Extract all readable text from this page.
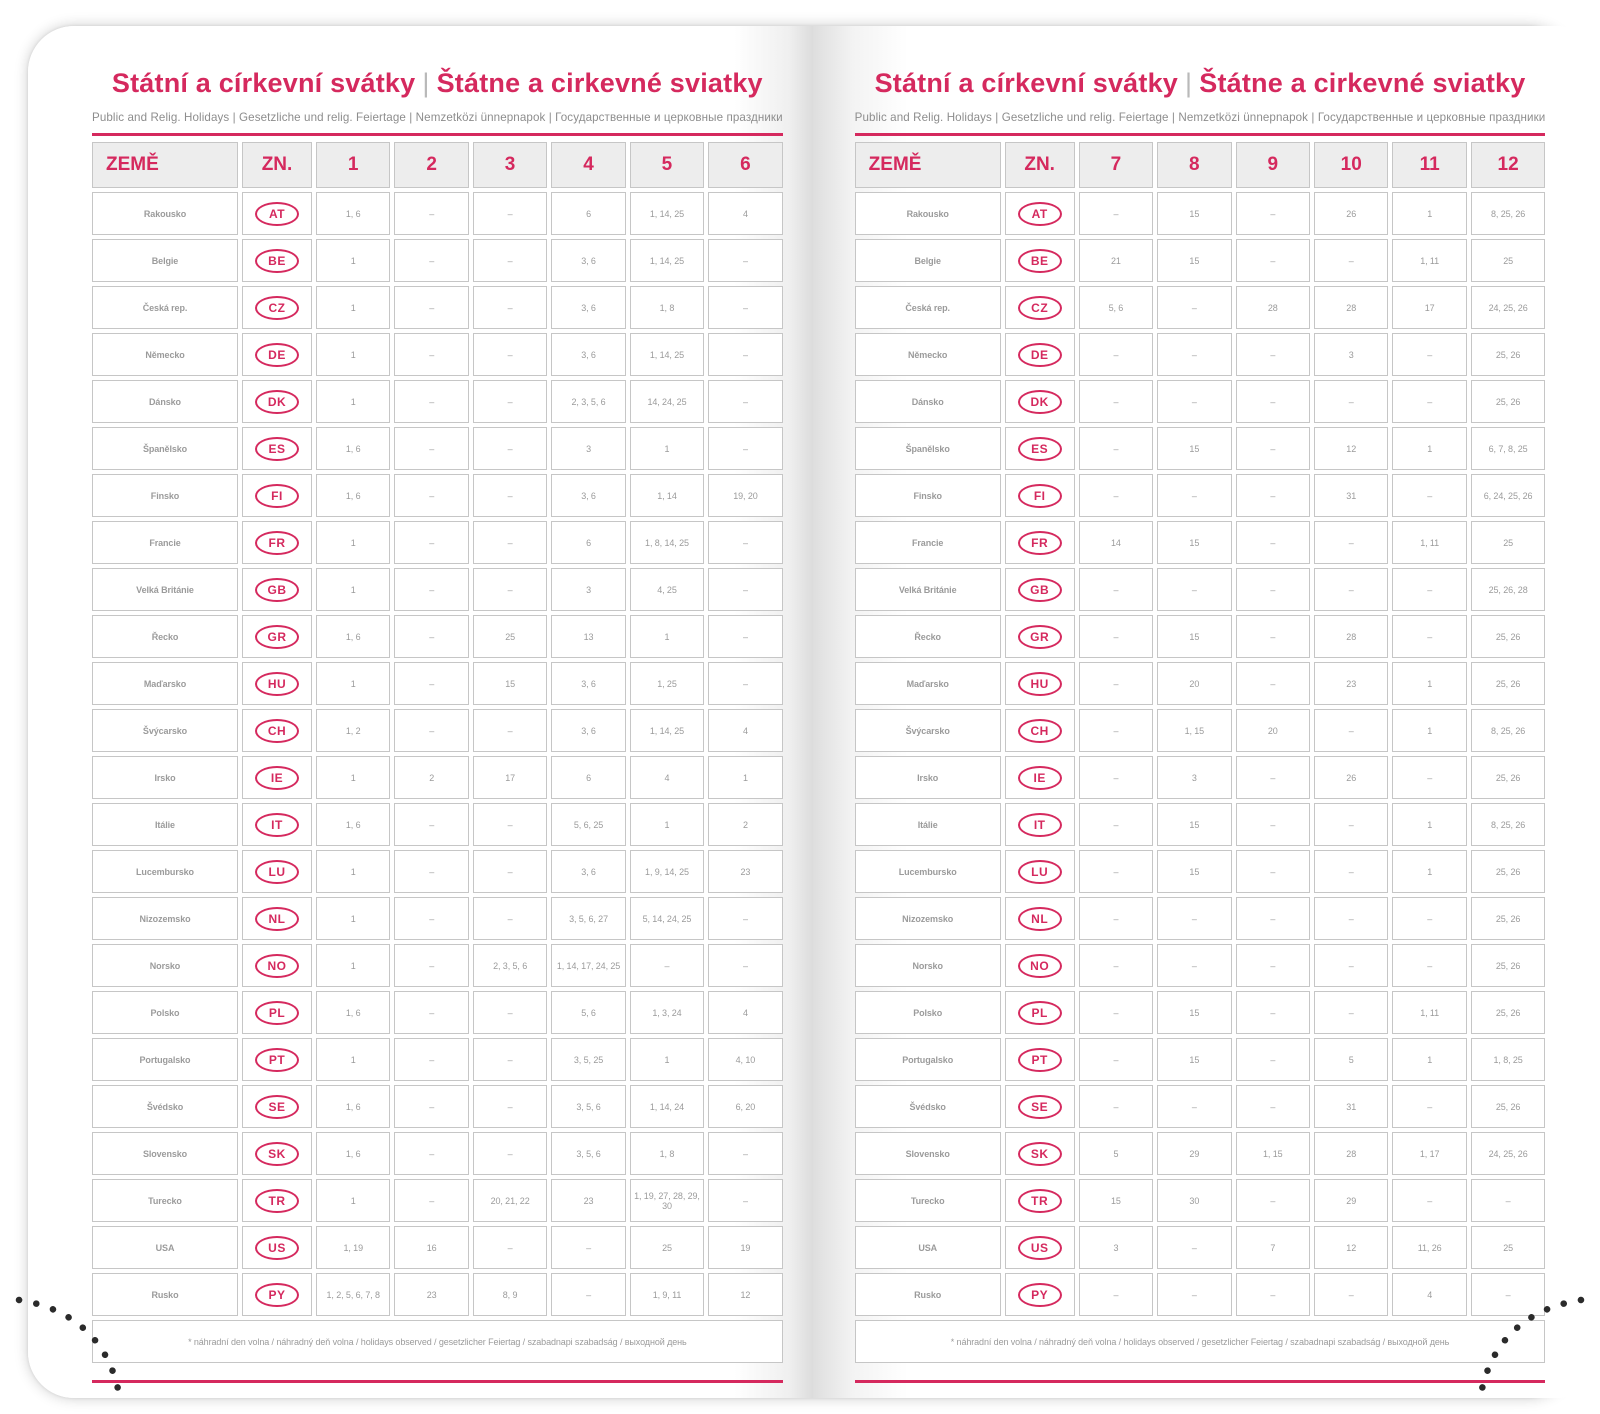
Státní a církevní svátky | Štátne a cirkevné sviatky
Public and Relig. Holidays | Gesetzliche und relig. Feiertage | Nemzetközi ünnepnapok | Государственные и церковные праздники
ZEMĚ	ZN.	1	2	3	4	5	6
Rakousko	AT	1, 6	–	–	6	1, 14, 25	4
Belgie	BE	1	–	–	3, 6	1, 14, 25	–
Česká rep.	CZ	1	–	–	3, 6	1, 8	–
Německo	DE	1	–	–	3, 6	1, 14, 25	–
Dánsko	DK	1	–	–	2, 3, 5, 6	14, 24, 25	–
Španělsko	ES	1, 6	–	–	3	1	–
Finsko	FI	1, 6	–	–	3, 6	1, 14	19, 20
Francie	FR	1	–	–	6	1, 8, 14, 25	–
Velká Británie	GB	1	–	–	3	4, 25	–
Řecko	GR	1, 6	–	25	13	1	–
Maďarsko	HU	1	–	15	3, 6	1, 25	–
Švýcarsko	CH	1, 2	–	–	3, 6	1, 14, 25	4
Irsko	IE	1	2	17	6	4	1
Itálie	IT	1, 6	–	–	5, 6, 25	1	2
Lucembursko	LU	1	–	–	3, 6	1, 9, 14, 25	23
Nizozemsko	NL	1	–	–	3, 5, 6, 27	5, 14, 24, 25	–
Norsko	NO	1	–	2, 3, 5, 6	1, 14, 17, 24, 25	–	–
Polsko	PL	1, 6	–	–	5, 6	1, 3, 24	4
Portugalsko	PT	1	–	–	3, 5, 25	1	4, 10
Švédsko	SE	1, 6	–	–	3, 5, 6	1, 14, 24	6, 20
Slovensko	SK	1, 6	–	–	3, 5, 6	1, 8	–
Turecko	TR	1	–	20, 21, 22	23	1, 19, 27, 28, 29, 30	–
USA	US	1, 19	16	–	–	25	19
Rusko	PY	1, 2, 5, 6, 7, 8	23	8, 9	–	1, 9, 11	12
* náhradní den volna / náhradný deň volna / holidays observed / gesetzlicher Feiertag / szabadnapi szabadság / выходной день							
Státní a církevní svátky | Štátne a cirkevné sviatky
Public and Relig. Holidays | Gesetzliche und relig. Feiertage | Nemzetközi ünnepnapok | Государственные и церковные праздники
ZEMĚ	ZN.	7	8	9	10	11	12
Rakousko	AT	–	15	–	26	1	8, 25, 26
Belgie	BE	21	15	–	–	1, 11	25
Česká rep.	CZ	5, 6	–	28	28	17	24, 25, 26
Německo	DE	–	–	–	3	–	25, 26
Dánsko	DK	–	–	–	–	–	25, 26
Španělsko	ES	–	15	–	12	1	6, 7, 8, 25
Finsko	FI	–	–	–	31	–	6, 24, 25, 26
Francie	FR	14	15	–	–	1, 11	25
Velká Británie	GB	–	–	–	–	–	25, 26, 28
Řecko	GR	–	15	–	28	–	25, 26
Maďarsko	HU	–	20	–	23	1	25, 26
Švýcarsko	CH	–	1, 15	20	–	1	8, 25, 26
Irsko	IE	–	3	–	26	–	25, 26
Itálie	IT	–	15	–	–	1	8, 25, 26
Lucembursko	LU	–	15	–	–	1	25, 26
Nizozemsko	NL	–	–	–	–	–	25, 26
Norsko	NO	–	–	–	–	–	25, 26
Polsko	PL	–	15	–	–	1, 11	25, 26
Portugalsko	PT	–	15	–	5	1	1, 8, 25
Švédsko	SE	–	–	–	31	–	25, 26
Slovensko	SK	5	29	1, 15	28	1, 17	24, 25, 26
Turecko	TR	15	30	–	29	–	–
USA	US	3	–	7	12	11, 26	25
Rusko	PY	–	–	–	–	4	–
* náhradní den volna / náhradný deň volna / holidays observed / gesetzlicher Feiertag / szabadnapi szabadság / выходной день							
